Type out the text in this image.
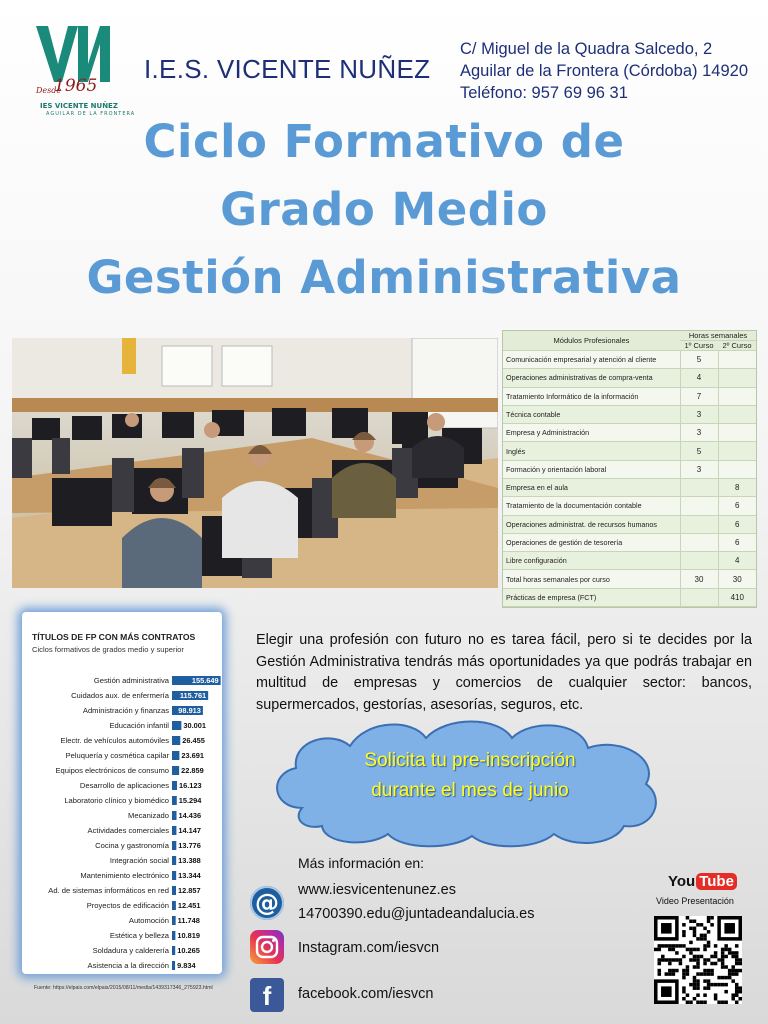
Desde
1965
IES VICENTE NUÑEZ
AGUILAR DE LA FRONTERA
I.E.S. VICENTE NUÑEZ
C/ Miguel de la Quadra Salcedo, 2
Aguilar de la Frontera (Córdoba) 14920
Teléfono: 957 69 96 31
Ciclo Formativo de
Grado Medio
Gestión Administrativa
Módulos Profesionales	Horas semanales	
	1º Curso	2º Curso
Comunicación empresarial y atención al cliente	5	
Operaciones administrativas de compra-venta	4	
Tratamiento Informático de la información	7	
Técnica contable	3	
Empresa y Administración	3	
Inglés	5	
Formación y orientación laboral	3	
Empresa en el aula		8
Tratamiento de la documentación contable		6
Operaciones administrat. de recursos humanos		6
Operaciones de gestión de tesorería		6
Libre configuración		4
Total horas semanales por curso	30	30
Prácticas de empresa (FCT)		410
TÍTULOS DE FP CON MÁS CONTRATOS
Ciclos formativos de grados medio y superior
Gestión administrativa	155.649
Cuidados aux. de enfermería 115.761
Administración y finanzas 98.913
Educación infantil 30.001
Electr. de vehículos automóviles 26.455
Peluquería y cosmética capilar 23.691
Equipos electrónicos de consumo 22.859
Desarrollo de aplicaciones 16.123
Laboratorio clínico y biomédico 15.294
Mecanizado 14.436
Actividades comerciales 14.147
Cocina y gastronomía 13.776
Integración social 13.388
Mantenimiento electrónico 13.344
Ad. de sistemas informáticos en red 12.857
Proyectos de edificación 12.451
Automoción 11.748
Estética y belleza 10.819
Soldadura y calderería 10.265
Asistencia a la dirección 9.834
Fuente: https://elpais.com/elpais/2015/08/11/media/1439317346_275923.html
Elegir una profesión con futuro no es tarea fácil, pero si te decides por la Gestión Administrativa tendrás más oportunidades ya que podrás trabajar en multitud de empresas y comercios de cualquier sector: bancos, supermercados, gestorías, asesorías, seguros, etc.
Solicita tu pre-inscripción
durante el mes de junio
Más información en:
@	www.iesvicentenunez.es
14700390.edu@juntadeandalucia.es
Instagram.com/iesvcn
f	facebook.com/iesvcn
You Tube
Video Presentación
